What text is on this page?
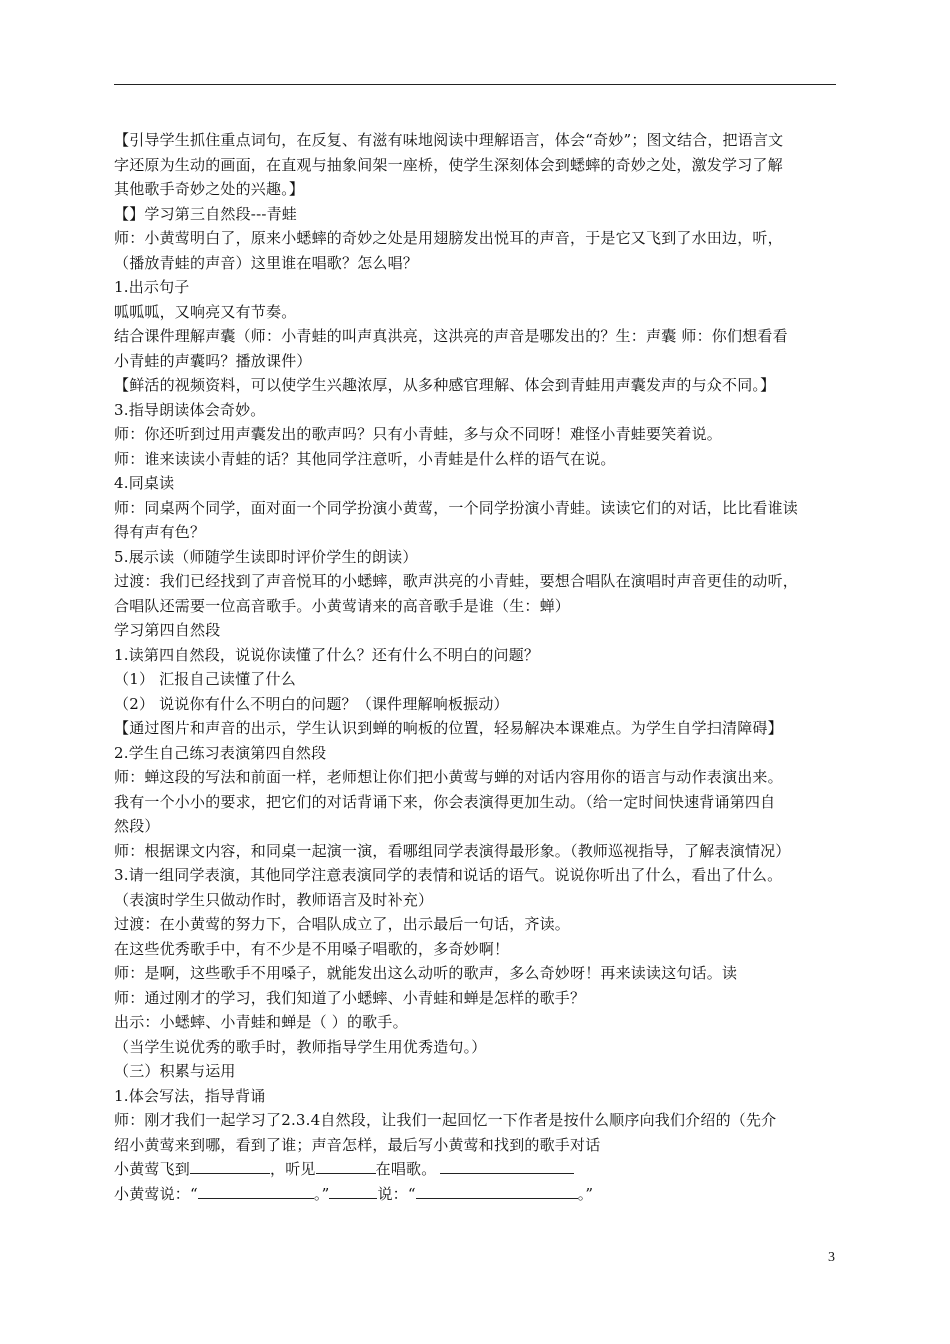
【引导学生抓住重点词句，在反复、有滋有味地阅读中理解语言，体会“奇妙”；图文结合，把语言文
字还原为生动的画面，在直观与抽象间架一座桥，使学生深刻体会到蟋蟀的奇妙之处，激发学习了解
其他歌手奇妙之处的兴趣。】
【】学习第三自然段---青蛙
师：小黄莺明白了，原来小蟋蟀的奇妙之处是用翅膀发出悦耳的声音，于是它又飞到了水田边，听，
（播放青蛙的声音）这里谁在唱歌？怎么唱？
1.出示句子
呱呱呱，又响亮又有节奏。
结合课件理解声囊（师：小青蛙的叫声真洪亮，这洪亮的声音是哪发出的？生：声囊 师：你们想看看
小青蛙的声囊吗？播放课件）
【鲜活的视频资料，可以使学生兴趣浓厚，从多种感官理解、体会到青蛙用声囊发声的与众不同。】
3.指导朗读体会奇妙。
师：你还听到过用声囊发出的歌声吗？只有小青蛙，多与众不同呀！难怪小青蛙要笑着说。
师：谁来读读小青蛙的话？其他同学注意听，小青蛙是什么样的语气在说。
4.同桌读
师：同桌两个同学，面对面一个同学扮演小黄莺，一个同学扮演小青蛙。读读它们的对话，比比看谁读
得有声有色？
5.展示读（师随学生读即时评价学生的朗读）
过渡：我们已经找到了声音悦耳的小蟋蟀，歌声洪亮的小青蛙，要想合唱队在演唱时声音更佳的动听，
合唱队还需要一位高音歌手。小黄莺请来的高音歌手是谁（生：蝉）
学习第四自然段
1.读第四自然段，说说你读懂了什么？还有什么不明白的问题？
（1） 汇报自己读懂了什么
（2） 说说你有什么不明白的问题？（课件理解响板振动）
【通过图片和声音的出示，学生认识到蝉的响板的位置，轻易解决本课难点。为学生自学扫清障碍】
2.学生自己练习表演第四自然段
师：蝉这段的写法和前面一样，老师想让你们把小黄莺与蝉的对话内容用你的语言与动作表演出来。
我有一个小小的要求，把它们的对话背诵下来，你会表演得更加生动。（给一定时间快速背诵第四自
然段）
师：根据课文内容，和同桌一起演一演，看哪组同学表演得最形象。（教师巡视指导，了解表演情况）
3.请一组同学表演，其他同学注意表演同学的表情和说话的语气。说说你听出了什么，看出了什么。
（表演时学生只做动作时，教师语言及时补充）
过渡：在小黄莺的努力下，合唱队成立了，出示最后一句话，齐读。
在这些优秀歌手中，有不少是不用嗓子唱歌的，多奇妙啊！
师：是啊，这些歌手不用嗓子，就能发出这么动听的歌声，多么奇妙呀！再来读读这句话。读
师：通过刚才的学习，我们知道了小蟋蟀、小青蛙和蝉是怎样的歌手？
出示：小蟋蟀、小青蛙和蝉是（ ）的歌手。
（当学生说优秀的歌手时，教师指导学生用优秀造句。）
（三）积累与运用
1.体会写法，指导背诵
师：刚才我们一起学习了2.3.4自然段，让我们一起回忆一下作者是按什么顺序向我们介绍的（先介
绍小黄莺来到哪，看到了谁；声音怎样，最后写小黄莺和找到的歌手对话
小黄莺飞到	，听见	在唱歌。
小黄莺说：“	。”	说：“	。”
3
